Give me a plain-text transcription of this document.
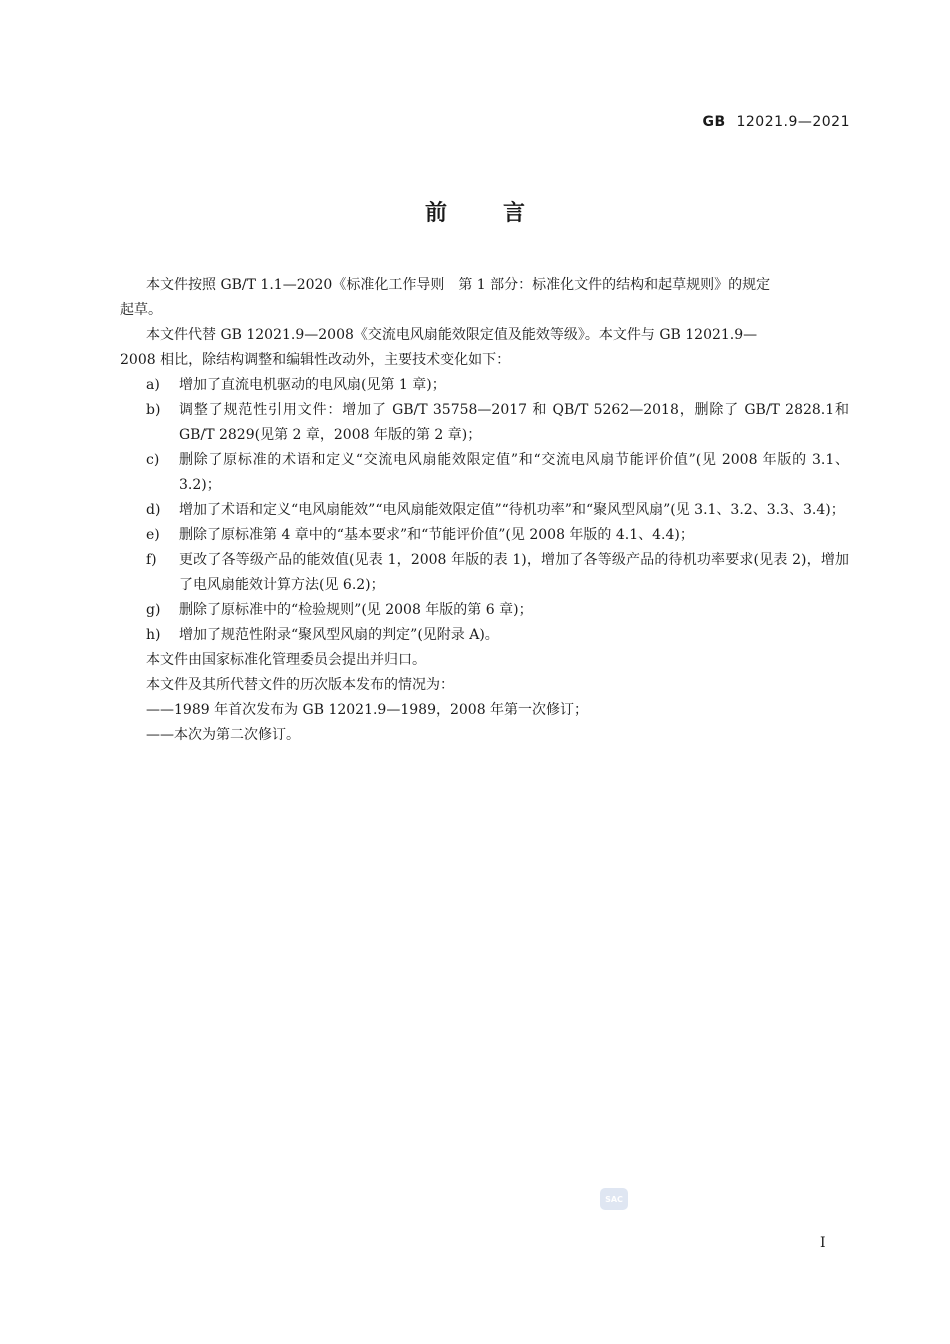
GB 12021.9—2021
前言

本文件按照 GB/T 1.1—2020《标准化工作导则　第 1 部分：标准化文件的结构和起草规则》的规定

起草。

本文件代替 GB 12021.9—2008《交流电风扇能效限定值及能效等级》。本文件与 GB 12021.9—

2008 相比，除结构调整和编辑性改动外，主要技术变化如下：

a) 增加了直流电机驱动的电风扇(见第 1 章)；
b) 调整了规范性引用文件：增加了 GB/T 35758—2017 和 QB/T 5262—2018，删除了 GB/T 2828.1和 GB/T 2829(见第 2 章，2008 年版的第 2 章)；
c) 删除了原标准的术语和定义“交流电风扇能效限定值”和“交流电风扇节能评价值”(见 2008 年版的 3.1、3.2)；
d) 增加了术语和定义“电风扇能效”“电风扇能效限定值”“待机功率”和“聚风型风扇”(见 3.1、3.2、3.3、3.4)；
e) 删除了原标准第 4 章中的“基本要求”和“节能评价值”(见 2008 年版的 4.1、4.4)；
f) 更改了各等级产品的能效值(见表 1，2008 年版的表 1)，增加了各等级产品的待机功率要求(见表 2)，增加了电风扇能效计算方法(见 6.2)；
g) 删除了原标准中的“检验规则”(见 2008 年版的第 6 章)；
h) 增加了规范性附录“聚风型风扇的判定”(见附录 A)。

本文件由国家标准化管理委员会提出并归口。

本文件及其所代替文件的历次版本发布的情况为：

——1989 年首次发布为 GB 12021.9—1989，2008 年第一次修订；

——本次为第二次修订。

SAC
I
